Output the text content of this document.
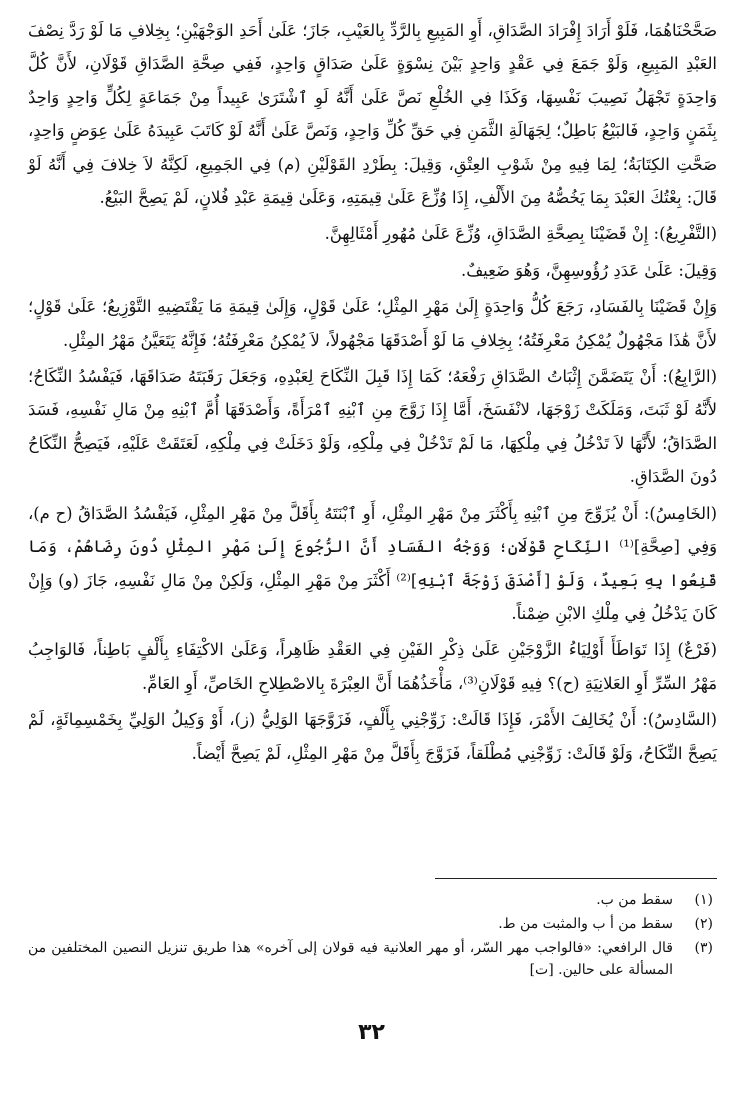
صَحَّحْنَاهُمَا، فَلَوْ أَرَادَ إِفْرَادَ الصَّدَاقِ، أَوِ المَبِيعِ بِالرَّدِّ بِالعَيْبِ، جَازَ؛ عَلَىٰ أَحَدِ الوَجْهَيْنِ؛ بِخِلافِ مَا لَوْ رَدَّ نِصْفَ العَبْدِ المَبِيعِ، وَلَوْ جَمَعَ فِي عَقْدٍ وَاحِدٍ بَيْنَ نِسْوَةٍ عَلَىٰ صَدَاقٍ وَاحِدٍ، فَفِي صِحَّةِ الصَّدَاقِ قَوْلَانِ، لأَنَّ كُلَّ وَاحِدَةٍ تَجْهَلُ نَصِيبَ نَفْسِهَا، وَكَذَا فِي الخُلْعِ نَصَّ عَلَىٰ أَنَّهُ لَوِ ٱشْتَرَىٰ عَبِيداً مِنْ جَمَاعَةٍ لِكُلٍّ وَاحِدٍ وَاحِدٌ بِثَمَنٍ وَاحِدٍ، فَالبَيْعُ بَاطِلٌ؛ لِجَهَالَةِ الثَّمَنِ فِي حَقِّ كُلِّ وَاحِدٍ، وَنَصَّ عَلَىٰ أَنَّهُ لَوْ كَاتَبَ عَبِيدَهُ عَلَىٰ عِوَضٍ وَاحِدٍ، صَحَّتِ الكِتَابَةُ؛ لِمَا فِيهِ مِنْ شَوْبِ العِتْقِ، وَقِيلَ: بِطَرْدِ القَوْلَيْنِ (م) فِي الجَمِيعِ، لَكِنَّهُ لاَ خِلافَ فِي أَنَّهُ لَوْ قَالَ: بِعْتُكَ العَبْدَ بِمَا يَخُصُّهُ مِنَ الأَلْفِ، إِذَا وُزِّعَ عَلَىٰ قِيمَتِهِ، وَعَلَىٰ قِيمَةِ عَبْدِ فُلانٍ، لَمْ يَصِحَّ البَيْعُ.

(التَّفْرِيعُ): إِنْ قَضَيْنَا بِصِحَّةِ الصَّدَاقِ، وُزِّعَ عَلَىٰ مُهُورِ أَمْثَالِهِنَّ.

وَقِيلَ: عَلَىٰ عَدَدِ رُؤُوسِهِنَّ، وَهُوَ ضَعِيفٌ.

وَإِنْ قَضَيْنَا بِالفَسَادِ، رَجَعَ كُلُّ وَاحِدَةٍ إِلَىٰ مَهْرِ المِثْلِ؛ عَلَىٰ قَوْلٍ، وَإِلَىٰ قِيمَةِ مَا يَقْتَضِيهِ التَّوْزِيعُ؛ عَلَىٰ قَوْلٍ؛ لأَنَّ هَٰذَا مَجْهُولٌ يُمْكِنُ مَعْرِفَتُهُ؛ بِخِلافِ مَا لَوْ أَصْدَقَهَا مَجْهُولاً، لاَ يُمْكِنُ مَعْرِفَتُهُ؛ فَإِنَّهُ يَتَعَيَّنُ مَهْرُ المِثْلِ.

(الرَّابِعُ): أَنْ يَتَضَمَّنَ إِثْبَاتُ الصَّدَاقِ رَفْعَهُ؛ كَمَا إِذَا قَبِلَ النِّكَاحَ لِعَبْدِهِ، وَجَعَلَ رَقَبَتَهُ صَدَاقَهَا، فَيَفْسُدُ النِّكَاحُ؛ لأَنَّهُ لَوْ ثَبَتَ، وَمَلَكَتْ زَوْجَهَا، لانْفَسَخَ، أَمَّا إِذَا زَوَّجَ مِنِ ٱبْنِهِ ٱمْرَأَةً، وَأَصْدَقَهَا أُمَّ ٱبْنِهِ مِنْ مَالِ نَفْسِهِ، فَسَدَ الصَّدَاقُ؛ لأَنَّهَا لاَ تَدْخُلُ فِي مِلْكِهَا، مَا لَمْ تَدْخُلْ فِي مِلْكِهِ، وَلَوْ دَخَلَتْ فِي مِلْكِهِ، لَعَتَقَتْ عَلَيْهِ، فَيَصِحُّ النِّكَاحُ دُونَ الصَّدَاقِ.

(الخَامِسُ): أَنْ يُزَوِّجَ مِنِ ٱبْنِهِ بِأَكْثَرَ مِنْ مَهْرِ المِثْلِ، أَوِ ٱبْنَتَهُ بِأَقَلَّ مِنْ مَهْرِ المِثْلِ، فَيَفْسُدُ الصَّدَاقُ (ح م)، وَفِي [صِحَّةِ]⁽¹⁾ النِّكَاحِ قَوْلَانِ؛ وَوَجْهُ الفَسَادِ أَنَّ الرُّجُوعَ إِلَىٰ مَهْرِ المِثْلِ دُونَ رِضَاهُمْ، وَمَا قَنِعُوا بِهِ بَعِيدٌ، وَلَوْ [أَصْدَقَ زَوْجَةَ ٱبْنِهِ]⁽²⁾ أَكْثَرَ مِنْ مَهْرِ المِثْلِ، وَلَكِنْ مِنْ مَالِ نَفْسِهِ، جَازَ (و) وَإِنْ كَانَ يَدْخُلُ فِي مِلْكِ الابْنِ ضِمْناً.

(فَرْعٌ) إِذَا تَوَاطَأَ أَوْلِيَاءُ الزَّوْجَيْنِ عَلَىٰ ذِكْرِ الفَيْنِ فِي العَقْدِ ظَاهِراً، وَعَلَىٰ الاكْتِفَاءِ بِأَلْفٍ بَاطِناً، فَالوَاجِبُ مَهْرُ السِّرِّ أَوِ العَلانِيَةِ (ح)؟ فِيهِ قَوْلَانِ⁽³⁾، مَأْخَذُهُمَا أَنَّ العِبْرَةَ بِالاصْطِلاحِ الخَاصِّ، أَوِ العَامِّ.

(السَّادِسُ): أَنْ يُخَالِفَ الأَمْرَ، فَإِذَا قَالَتْ: زَوِّجْنِي بِأَلْفٍ، فَزَوَّجَهَا الوَلِيُّ (ز)، أَوْ وَكِيلُ الوَلِيِّ بِخَمْسِمِائَةٍ، لَمْ يَصِحَّ النِّكَاحُ، وَلَوْ قَالَتْ: زَوِّجْنِي مُطْلَقاً، فَزَوَّجَ بِأَقَلَّ مِنْ مَهْرِ المِثْلِ، لَمْ يَصِحَّ أَيْضاً.

(١)
سقط من ب.
(٢)
سقط من أ ب والمثبت من ط.
(٣)
قال الرافعي: «فالواجب مهر السّر، أو مهر العلانية فيه قولان إلى آخره» هذا طريق تنزيل النصين المختلفين من المسألة على حالين. [ت]
٣٢
